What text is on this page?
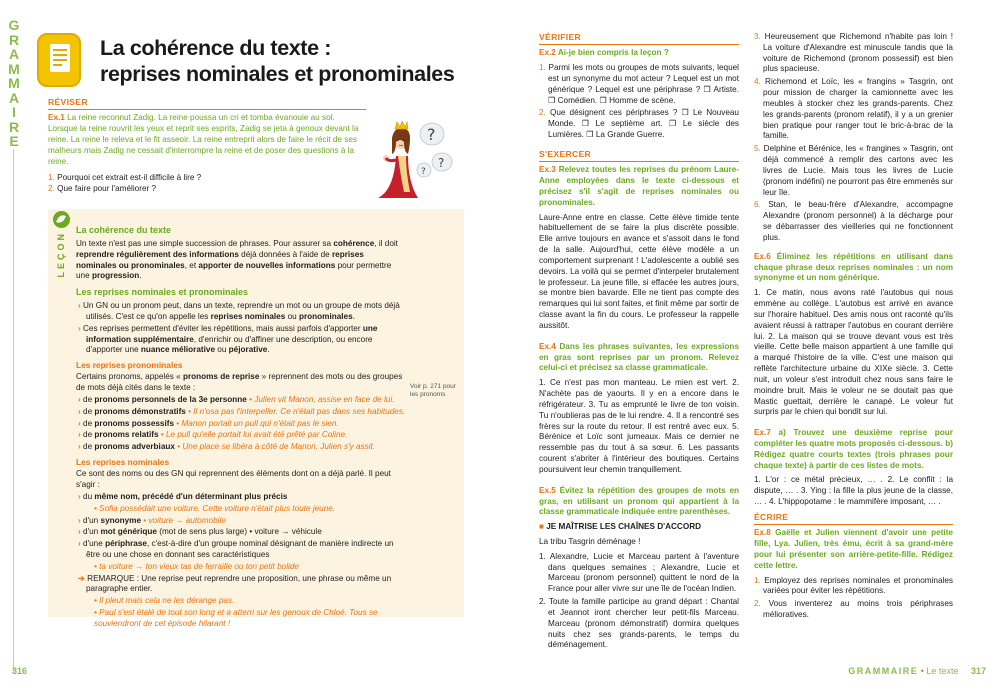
G
R
A
M
M
A
I
R
E
La cohérence du texte :
reprises nominales et pronominales
RÉVISER

Ex.1 La reine reconnut Zadig. La reine poussa un cri et tomba évanouie au sol. Lorsque la reine rouvrit les yeux et reprit ses esprits, Zadig se jeta à genoux devant la reine. La reine le releva et le fit asseoir. La reine entreprit alors de faire le récit de ses malheurs mais Zadig ne cessait d'interrompre la reine et de poser des questions à la reine.

1. Pourquoi cet extrait est-il difficile à lire ?
2. Que faire pour l'améliorer ?
?
?
?
LEÇON
La cohérence du texte

Un texte n'est pas une simple succession de phrases. Pour assurer sa cohérence, il doit reprendre régulièrement des informations déjà données à l'aide de reprises nominales ou pronominales, et apporter de nouvelles informations pour permettre une progression.

Les reprises nominales et pronominales

› Un GN ou un pronom peut, dans un texte, reprendre un mot ou un groupe de mots déjà utilisés. C'est ce qu'on appelle les reprises nominales ou pronominales.

› Ces reprises permettent d'éviter les répétitions, mais aussi parfois d'apporter une information supplémentaire, d'enrichir ou d'affiner une description, ou encore d'apporter une nuance méliorative ou péjorative.

Les reprises pronominales

Certains pronoms, appelés « pronoms de reprise » reprennent des mots ou des groupes de mots déjà cités dans le texte :

› de pronoms personnels de la 3e personne • Julien vit Manon, assise en face de lui.

› de pronoms démonstratifs • Il n'osa pas l'interpeller. Ce n'était pas dans ses habitudes.

› de pronoms possessifs • Manon portait un pull qui n'était pas le sien.

› de pronoms relatifs • Le pull qu'elle portait lui avait été prêté par Coline.

› de pronoms adverbiaux • Une place se libéra à côté de Manon. Julien s'y assit.

Les reprises nominales

Ce sont des noms ou des GN qui reprennent des éléments dont on a déjà parlé. Il peut s'agir :

› du même nom, précédé d'un déterminant plus précis

• Sofia possédait une voiture. Cette voiture n'était plus toute jeune.

› d'un synonyme • voiture → automobile

› d'un mot générique (mot de sens plus large) • voiture → véhicule

› d'une périphrase, c'est-à-dire d'un groupe nominal désignant de manière indirecte un être ou une chose en donnant ses caractéristiques

• ta voiture → ton vieux tas de ferraille ou ton petit bolide

➔ REMARQUE : Une reprise peut reprendre une proposition, une phrase ou même un paragraphe entier.

• Il pleut mais cela ne les dérange pas.

• Paul s'est étalé de tout son long et a atterri sur les genoux de Chloé. Tous se souviendront de cet épisode hilarant !

Voir p. 271 pour les pronoms
VÉRIFIER

Ex.2 Ai-je bien compris la leçon ?

1. Parmi les mots ou groupes de mots suivants, lequel est un synonyme du mot acteur ? Lequel est un mot générique ? Lequel est une périphrase ? ❒ Artiste. ❒ Comédien. ❒ Homme de scène.
2. Que désignent ces périphrases ? ❒ Le Nouveau Monde. ❒ Le septième art. ❒ Le siècle des Lumières. ❒ La Grande Guerre.
S'EXERCER

Ex.3 Relevez toutes les reprises du prénom Laure-Anne employées dans le texte ci-dessous et précisez s'il s'agit de reprises nominales ou pronominales.

Laure-Anne entre en classe. Cette élève timide tente habituellement de se faire la plus discrète possible. Elle arrive toujours en avance et s'assoit dans le fond de la salle. Aujourd'hui, cette élève modèle a un comportement surprenant ! L'adolescente a oublié ses devoirs. La voilà qui se permet d'interpeler brutalement le professeur. La jeune fille, si effacée les autres jours, se montre bien bavarde. Elle ne tient pas compte des remarques qui lui sont faites, et finit même par sortir de classe avant la fin du cours. Le professeur la rappelle aussitôt.

Ex.4 Dans les phrases suivantes, les expressions en gras sont reprises par un pronom. Relevez celui-ci et précisez sa classe grammaticale.

1. Ce n'est pas mon manteau. Le mien est vert. 2. N'achète pas de yaourts. Il y en a encore dans le réfrigérateur. 3. Tu as emprunté le livre de ton voisin. Tu n'oublieras pas de le lui rendre. 4. Il a rencontré ses frères sur la route du retour. Il est rentré avec eux. 5. Bérénice et Loïc sont jumeaux. Mais ce dernier ne ressemble pas du tout à sa sœur. 6. Les passants courent s'abriter à l'intérieur des boutiques. Certains poursuivent leur chemin tranquillement.

Ex.5 Évitez la répétition des groupes de mots en gras, en utilisant un pronom qui appartient à la classe grammaticale indiquée entre parenthèses.

■ JE MAÎTRISE LES CHAÎNES D'ACCORD

La tribu Tasgrin déménage !

1. Alexandre, Lucie et Marceau partent à l'aventure dans quelques semaines ; Alexandre, Lucie et Marceau (pronom personnel) quittent le nord de la France pour aller vivre sur une île de l'océan Indien.
2. Toute la famille participe au grand départ : Chantal et Jeannot iront chercher leur petit-fils Marceau. Marceau (pronom démonstratif) dormira quelques nuits chez ses grands-parents, le temps du déménagement.
3. Heureusement que Richemond n'habite pas loin ! La voiture d'Alexandre est minuscule tandis que la voiture de Richemond (pronom possessif) est bien plus spacieuse.
4. Richemond et Loïc, les « frangins » Tasgrin, ont pour mission de charger la camionnette avec les meubles à stocker chez les grands-parents. Chez les grands-parents (pronom relatif), il y a un grenier bien pratique pour ranger tout le bric-à-brac de la famille.
5. Delphine et Bérénice, les « frangines » Tasgrin, ont déjà commencé à remplir des cartons avec les livres de Lucie. Mais tous les livres de Lucie (pronom indéfini) ne pourront pas être emmenés sur leur île.
6. Stan, le beau-frère d'Alexandre, accompagne Alexandre (pronom personnel) à la décharge pour se débarrasser des vieilleries qui ne fonctionnent plus.

Ex.6 Éliminez les répétitions en utilisant dans chaque phrase deux reprises nominales : un nom synonyme et un nom générique.

1. Ce matin, nous avons raté l'autobus qui nous emmène au collège. L'autobus est arrivé en avance sur l'horaire habituel. Des amis nous ont raconté qu'ils avaient réussi à rattraper l'autobus en courant derrière lui. 2. La maison qui se trouve devant vous est très vieille. Cette belle maison appartient à une famille qui a marqué l'histoire de la ville. C'est une maison qui reflète l'architecture urbaine du XIXe siècle. 3. Cette nuit, un voleur s'est introduit chez nous sans faire le moindre bruit. Mais le voleur ne se doutait pas que Mastic guettait, derrière le canapé. Le voleur fut surpris par le chien qui bondit sur lui.

Ex.7 a) Trouvez une deuxième reprise pour compléter les quatre mots proposés ci-dessous. b) Rédigez quatre courts textes (trois phrases pour chaque texte) à partir de ces listes de mots.

1. L'or : ce métal précieux, … . 2. Le conflit : la dispute, … . 3. Ying : la fille la plus jeune de la classe, … . 4. L'hippopotame : le mammifère imposant, … .

ÉCRIRE

Ex.8 Gaëlle et Julien viennent d'avoir une petite fille, Lya. Julien, très ému, écrit à sa grand-mère pour lui présenter son arrière-petite-fille. Rédigez cette lettre.

1. Employez des reprises nominales et pronominales variées pour éviter les répétitions.
2. Vous inventerez au moins trois périphrases mélioratives.
316	GRAMMAIRE • Le texte 317
